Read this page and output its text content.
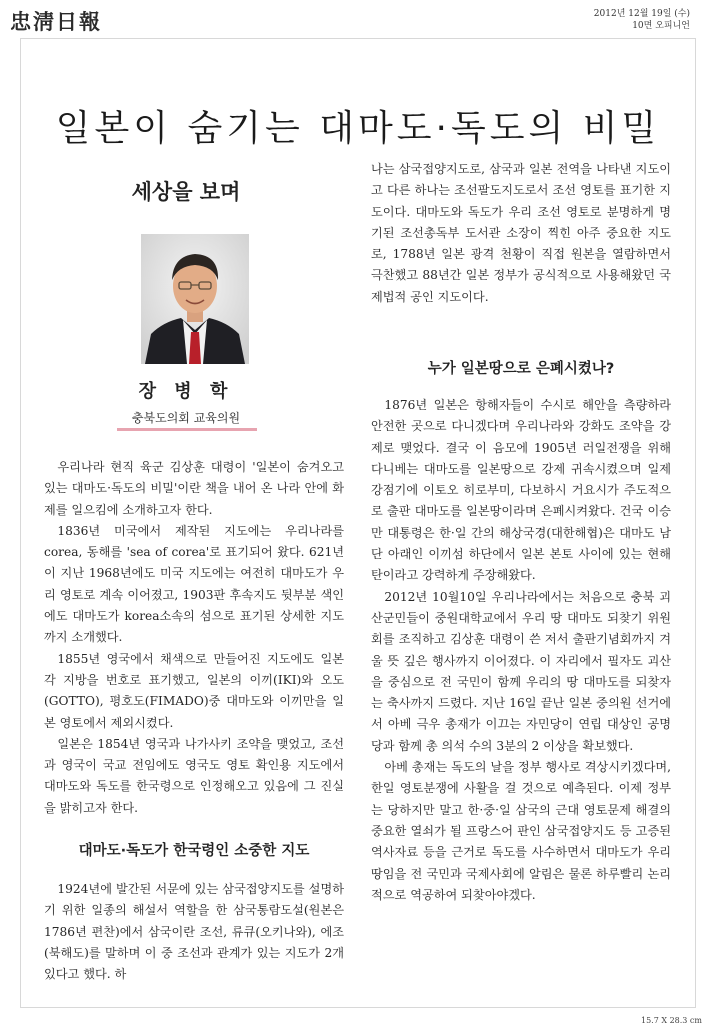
忠淸日報	2012년 12월 19일 (수)
10면 오피니언
일본이 숨기는 대마도·독도의 비밀
세상을 보며
장 병 학
충북도의회 교육의원

우리나라 현직 육군 김상훈 대령이 '일본이 숨겨오고 있는 대마도·독도의 비밀'이란 책을 내어 온 나라 안에 화제를 일으킴에 소개하고자 한다.

1836년 미국에서 제작된 지도에는 우리나라를 corea, 동해를 'sea of corea'로 표기되어 왔다. 621년이 지난 1968년에도 미국 지도에는 여전히 대마도가 우리 영토로 계속 이어졌고, 1903판 후속지도 뒷부분 색인에도 대마도가 korea소속의 섬으로 표기된 상세한 지도까지 소개했다.

1855년 영국에서 채색으로 만들어진 지도에도 일본 각 지방을 번호로 표기했고, 일본의 이끼(IKI)와 오도(GOTTO), 평호도(FIMADO)중 대마도와 이끼만을 일본 영토에서 제외시켰다.

일본은 1854년 영국과 나가사키 조약을 맺었고, 조선과 영국이 국교 전임에도 영국도 영토 확인용 지도에서 대마도와 독도를 한국령으로 인정해오고 있음에 그 진실을 밝히고자 한다.

대마도·독도가 한국령인 소중한 지도

1924년에 발간된 서문에 있는 삼국접양지도를 설명하기 위한 일종의 해설서 역할을 한 삼국통람도설(원본은 1786년 편찬)에서 삼국이란 조선, 류큐(오키나와), 에조(북해도)를 말하며 이 중 조선과 관계가 있는 지도가 2개 있다고 했다. 하

나는 삼국접양지도로, 삼국과 일본 전역을 나타낸 지도이고 다른 하나는 조선팔도지도로서 조선 영토를 표기한 지도이다. 대마도와 독도가 우리 조선 영토로 분명하게 명기된 조선총독부 도서관 소장이 찍힌 아주 중요한 지도로, 1788년 일본 광격 천황이 직접 원본을 열람하면서 극찬했고 88년간 일본 정부가 공식적으로 사용해왔던 국제법적 공인 지도이다.

누가 일본땅으로 은폐시켰나?

1876년 일본은 항해자들이 수시로 해안을 측량하라 안전한 곳으로 다니겠다며 우리나라와 강화도 조약을 강제로 맺었다. 결국 이 음모에 1905년 러일전쟁을 위해 다니베는 대마도를 일본땅으로 강제 귀속시켰으며 일제강점기에 이토오 히로부미, 다보하시 거요시가 주도적으로 출판 대마도를 일본땅이라며 은폐시켜왔다. 건국 이승만 대통령은 한·일 간의 해상국경(대한해협)은 대마도 남단 아래인 이끼섬 하단에서 일본 본토 사이에 있는 현해탄이라고 강력하게 주장해왔다.

2012년 10월10일 우리나라에서는 처음으로 충북 괴산군민들이 중원대학교에서 우리 땅 대마도 되찾기 위원회를 조직하고 김상훈 대령이 쓴 저서 출판기념회까지 겨울 뜻 깊은 행사까지 이어졌다. 이 자리에서 필자도 괴산을 중심으로 전 국민이 함께 우리의 땅 대마도를 되찾자는 축사까지 드렸다. 지난 16일 끝난 일본 중의원 선거에서 아베 극우 총재가 이끄는 자민당이 연립 대상인 공명당과 함께 총 의석 수의 3분의 2 이상을 확보했다.

아베 총재는 독도의 날을 정부 행사로 격상시키겠다며, 한일 영토분쟁에 사활을 걸 것으로 예측된다. 이제 정부는 당하지만 말고 한·중·일 삼국의 근대 영토문제 해결의 중요한 열쇠가 될 프랑스어 판인 삼국접양지도 등 고증된 역사자료 등을 근거로 독도를 사수하면서 대마도가 우리 땅임을 전 국민과 국제사회에 알림은 물론 하루빨리 논리적으로 역공하여 되찾아야겠다.

15.7 X 28.3 cm
